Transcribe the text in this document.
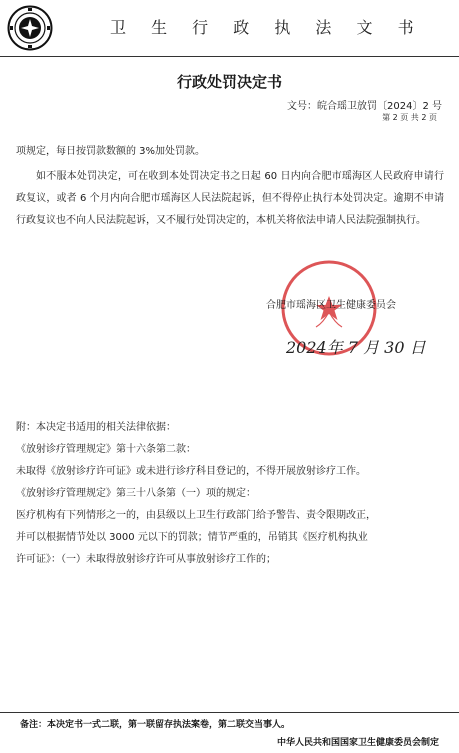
卫 生 行 政 执 法 文 书
行政处罚决定书
文号：皖合瑶卫放罚〔2024〕2 号
第 2 页 共 2 页
项规定，每日按罚款数额的 3%加处罚款。
如不服本处罚决定，可在收到本处罚决定书之日起 60 日内向合肥市瑶海区人民政府申请行政复议，或者 6 个月内向合肥市瑶海区人民法院起诉，但不得停止执行本处罚决定。逾期不申请行政复议也不向人民法院起诉，又不履行处罚决定的，本机关将依法申请人民法院强制执行。
合肥市瑶海区卫生健康委员会
2024年 7 月 30 日
附：本决定书适用的相关法律依据：
《放射诊疗管理规定》第十六条第二款：
未取得《放射诊疗许可证》或未进行诊疗科目登记的，不得开展放射诊疗工作。
《放射诊疗管理规定》第三十八条第（一）项的规定：
医疗机构有下列情形之一的，由县级以上卫生行政部门给予警告、责令限期改正，
并可以根据情节处以 3000 元以下的罚款；情节严重的，吊销其《医疗机构执业
许可证》：（一）未取得放射诊疗许可从事放射诊疗工作的；
备注：本决定书一式二联，第一联留存执法案卷，第二联交当事人。
中华人民共和国国家卫生健康委员会制定
